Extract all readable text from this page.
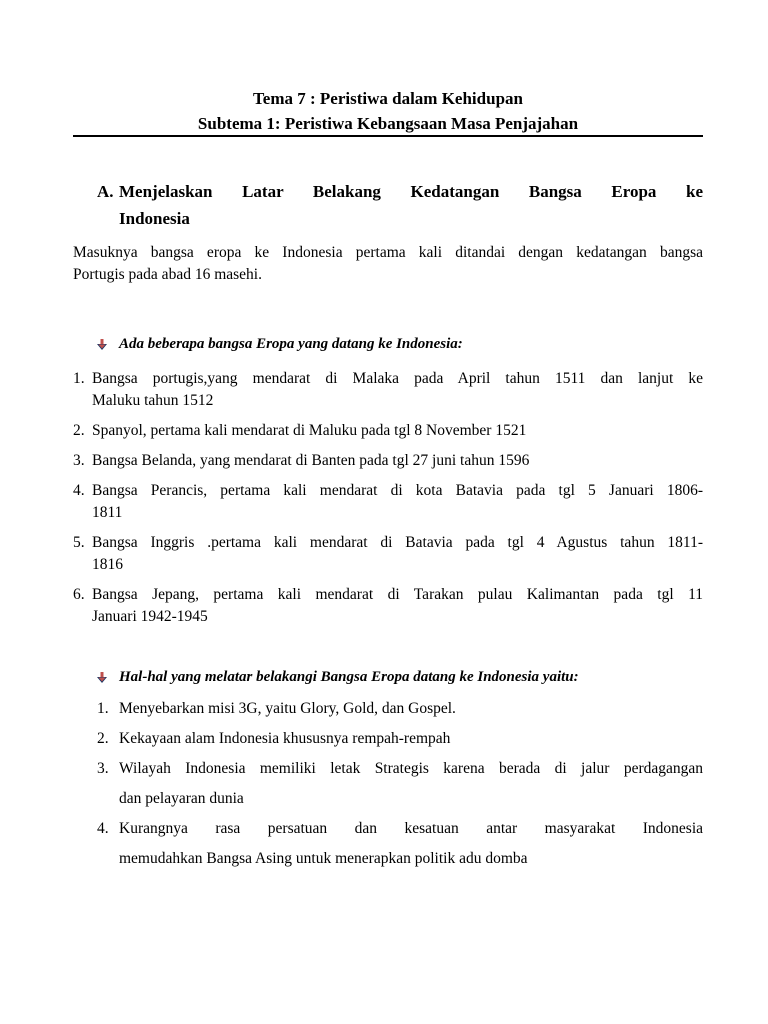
Tema 7 : Peristiwa dalam Kehidupan
Subtema 1: Peristiwa Kebangsaan Masa Penjajahan
A. Menjelaskan Latar Belakang Kedatangan Bangsa Eropa ke
Indonesia
Masuknya bangsa eropa ke Indonesia pertama kali ditandai dengan kedatangan bangsa
Portugis pada abad 16 masehi.
Ada beberapa bangsa Eropa yang datang ke Indonesia:
1. Bangsa portugis,yang mendarat di Malaka pada April tahun 1511 dan lanjut ke
Maluku tahun 1512
2. Spanyol, pertama kali mendarat di Maluku pada tgl 8 November 1521
3. Bangsa Belanda, yang mendarat di Banten pada tgl 27 juni tahun 1596
4. Bangsa Perancis, pertama kali mendarat di kota Batavia pada tgl 5 Januari 1806-
1811
5. Bangsa Inggris .pertama kali mendarat di Batavia pada tgl 4 Agustus tahun 1811-
1816
6. Bangsa Jepang, pertama kali mendarat di Tarakan pulau Kalimantan pada tgl 11
Januari 1942-1945
Hal-hal yang melatar belakangi Bangsa Eropa datang ke Indonesia yaitu:
1. Menyebarkan misi 3G, yaitu Glory, Gold, dan Gospel.
2. Kekayaan alam Indonesia khususnya rempah-rempah
3. Wilayah Indonesia memiliki letak Strategis karena berada di jalur perdagangan
dan pelayaran dunia
4. Kurangnya rasa persatuan dan kesatuan antar masyarakat Indonesia
memudahkan Bangsa Asing untuk menerapkan politik adu domba
